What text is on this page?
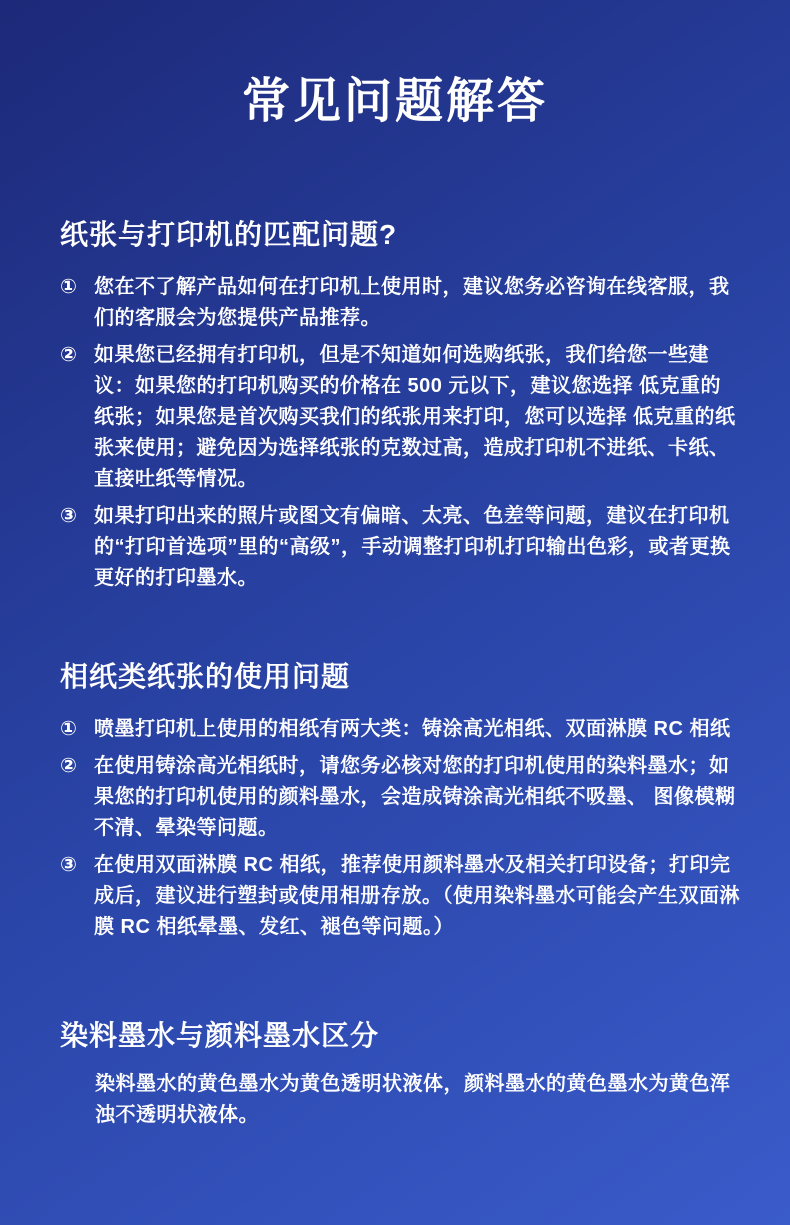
常见问题解答
纸张与打印机的匹配问题?
① 您在不了解产品如何在打印机上使用时，建议您务必咨询在线客服，我们的客服会为您提供产品推荐。

② 如果您已经拥有打印机，但是不知道如何选购纸张，我们给您一些建议：如果您的打印机购买的价格在 500 元以下，建议您选择 低克重的纸张；如果您是首次购买我们的纸张用来打印，您可以选择 低克重的纸张来使用；避免因为选择纸张的克数过高，造成打印机不进纸、卡纸、 直接吐纸等情况。

③ 如果打印出来的照片或图文有偏暗、太亮、色差等问题，建议在打印机的“打印首选项”里的“高级”，手动调整打印机打印输出色彩，或者更换更好的打印墨水。

相纸类纸张的使用问题
① 喷墨打印机上使用的相纸有两大类：铸涂高光相纸、双面淋膜 RC 相纸

② 在使用铸涂高光相纸时，请您务必核对您的打印机使用的染料墨水；如果您的打印机使用的颜料墨水，会造成铸涂高光相纸不吸墨、 图像模糊不清、晕染等问题。

③ 在使用双面淋膜 RC 相纸，推荐使用颜料墨水及相关打印设备；打印完成后，建议进行塑封或使用相册存放。（使用染料墨水可能会产生双面淋膜 RC 相纸晕墨、发红、褪色等问题。）

染料墨水与颜料墨水区分

染料墨水的黄色墨水为黄色透明状液体，颜料墨水的黄色墨水为黄色浑浊不透明状液体。
